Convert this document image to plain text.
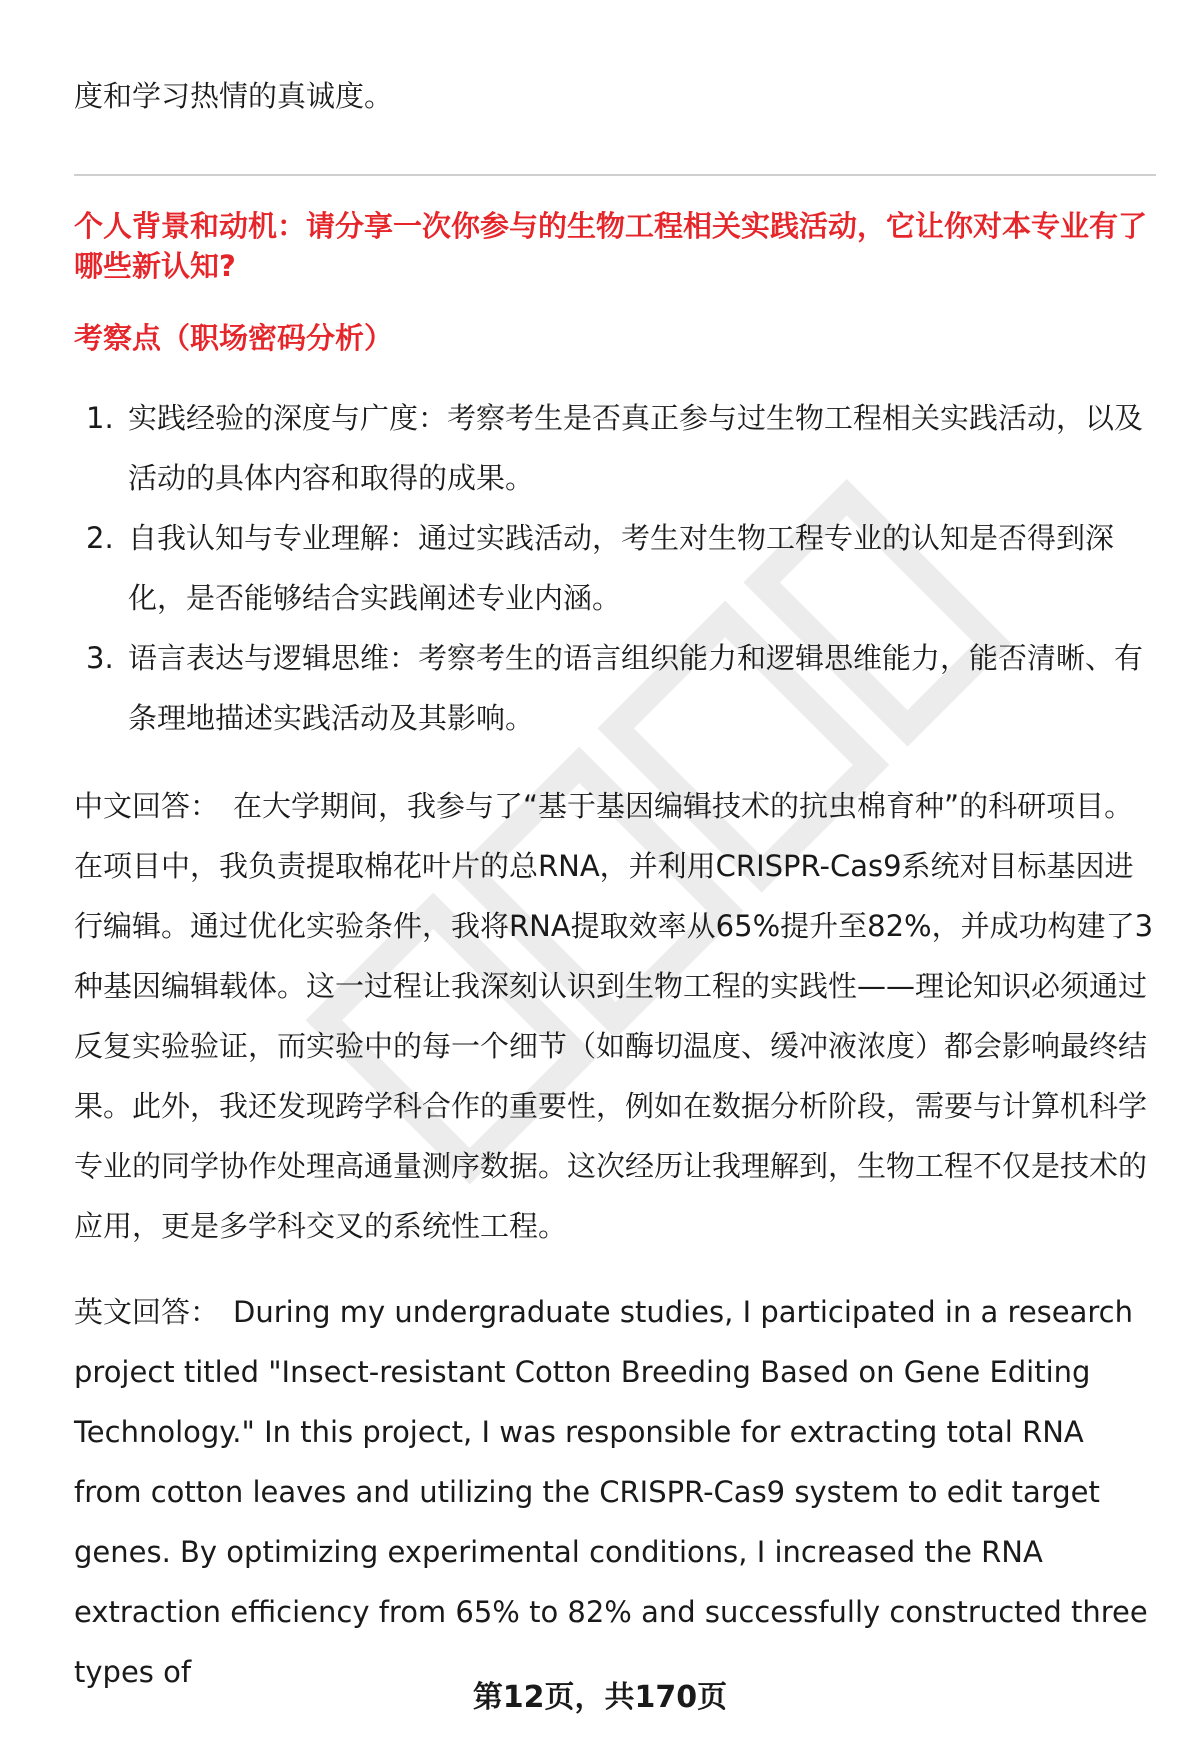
度和学习热情的真诚度。
个人背景和动机：请分享一次你参与的生物工程相关实践活动，它让你对本专业有了哪些新认知?
考察点（职场密码分析）
1. 实践经验的深度与广度：考察考生是否真正参与过生物工程相关实践活动，以及活动的具体内容和取得的成果。
2. 自我认知与专业理解：通过实践活动，考生对生物工程专业的认知是否得到深化，是否能够结合实践阐述专业内涵。
3. 语言表达与逻辑思维：考察考生的语言组织能力和逻辑思维能力，能否清晰、有条理地描述实践活动及其影响。
中文回答： 在大学期间，我参与了“基于基因编辑技术的抗虫棉育种”的科研项目。在项目中，我负责提取棉花叶片的总RNA，并利用CRISPR-Cas9系统对目标基因进行编辑。通过优化实验条件，我将RNA提取效率从65%提升至82%，并成功构建了3种基因编辑载体。这一过程让我深刻认识到生物工程的实践性——理论知识必须通过反复实验验证，而实验中的每一个细节（如酶切温度、缓冲液浓度）都会影响最终结果。此外，我还发现跨学科合作的重要性，例如在数据分析阶段，需要与计算机科学专业的同学协作处理高通量测序数据。这次经历让我理解到，生物工程不仅是技术的应用，更是多学科交叉的系统性工程。
英文回答： During my undergraduate studies, I participated in a research project titled "Insect-resistant Cotton Breeding Based on Gene Editing Technology." In this project, I was responsible for extracting total RNA from cotton leaves and utilizing the CRISPR-Cas9 system to edit target genes. By optimizing experimental conditions, I increased the RNA extraction efficiency from 65% to 82% and successfully constructed three types of
第12页，共170页
